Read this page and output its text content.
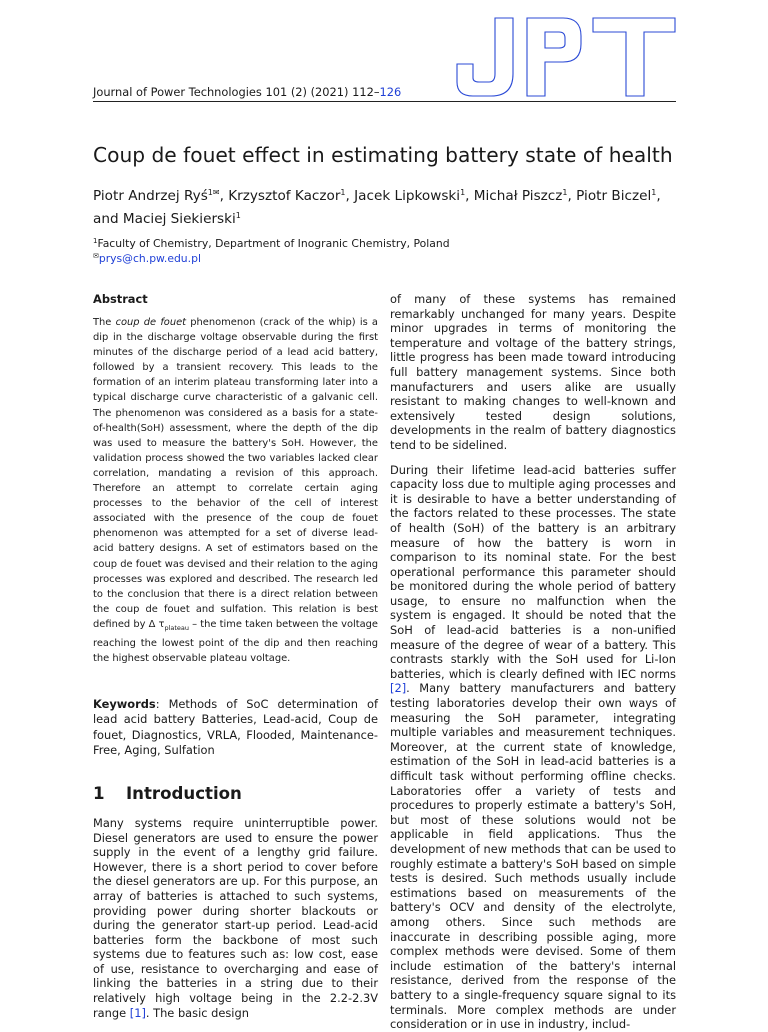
Journal of Power Technologies 101 (2) (2021) 112–126
Coup de fouet effect in estimating battery state of health
Piotr Andrzej Ryś$^{1✉}$, Krzysztof Kaczor$^1$, Jacek Lipkowski$^1$, Michał Piszcz$^1$, Piotr Biczel$^1$,
and Maciej Siekierski$^1$
$^1$Faculty of Chemistry, Department of Inogranic Chemistry, Poland
✉prys@ch.pw.edu.pl
Abstract

The coup de fouet phenomenon (crack of the whip) is a dip in the discharge voltage observable during the first minutes of the discharge period of a lead acid battery, followed by a transient recovery. This leads to the formation of an interim plateau transforming later into a typical discharge curve characteristic of a galvanic cell. The phenomenon was considered as a basis for a state-of-health(SoH) assessment, where the depth of the dip was used to measure the battery's SoH. However, the validation process showed the two variables lacked clear correlation, mandating a revision of this approach. Therefore an attempt to correlate certain aging processes to the behavior of the cell of interest associated with the presence of the coup de fouet phenomenon was attempted for a set of diverse lead-acid battery designs. A set of estimators based on the coup de fouet was devised and their relation to the aging processes was explored and described. The research led to the conclusion that there is a direct relation between the coup de fouet and sulfation. This relation is best defined by Δ $\tau_{plateau}$ – the time taken between the voltage reaching the lowest point of the dip and then reaching the highest observable plateau voltage.

Keywords: Methods of SoC determination of lead acid battery Batteries, Lead-acid, Coup de fouet, Diagnostics, VRLA, Flooded, Maintenance-Free, Aging, Sulfation

1 Introduction

Many systems require uninterruptible power. Diesel generators are used to ensure the power supply in the event of a lengthy grid failure. However, there is a short period to cover before the diesel generators are up. For this purpose, an array of batteries is attached to such systems, providing power during shorter blackouts or during the generator start-up period. Lead-acid batteries form the backbone of most such systems due to features such as: low cost, ease of use, resistance to overcharging and ease of linking the batteries in a string due to their relatively high voltage being in the 2.2-2.3V range [1]. The basic design

of many of these systems has remained remarkably unchanged for many years. Despite minor upgrades in terms of monitoring the temperature and voltage of the battery strings, little progress has been made toward introducing full battery management systems. Since both manufacturers and users alike are usually resistant to making changes to well-known and extensively tested design solutions, developments in the realm of battery diagnostics tend to be sidelined.

During their lifetime lead-acid batteries suffer capacity loss due to multiple aging processes and it is desirable to have a better understanding of the factors related to these processes. The state of health (SoH) of the battery is an arbitrary measure of how the battery is worn in comparison to its nominal state. For the best operational performance this parameter should be monitored during the whole period of battery usage, to ensure no malfunction when the system is engaged. It should be noted that the SoH of lead-acid batteries is a non-unified measure of the degree of wear of a battery. This contrasts starkly with the SoH used for Li-Ion batteries, which is clearly defined with IEC norms [2]. Many battery manufacturers and battery testing laboratories develop their own ways of measuring the SoH parameter, integrating multiple variables and measurement techniques. Moreover, at the current state of knowledge, estimation of the SoH in lead-acid batteries is a difficult task without performing offline checks. Laboratories offer a variety of tests and procedures to properly estimate a battery's SoH, but most of these solutions would not be applicable in field applications. Thus the development of new methods that can be used to roughly estimate a battery's SoH based on simple tests is desired. Such methods usually include estimations based on measurements of the battery's OCV and density of the electrolyte, among others. Since such methods are inaccurate in describing possible aging, more complex methods were devised. Some of them include estimation of the battery's internal resistance, derived from the response of the battery to a single-frequency square signal to its terminals. More complex methods are under consideration or in use in industry, includ-
